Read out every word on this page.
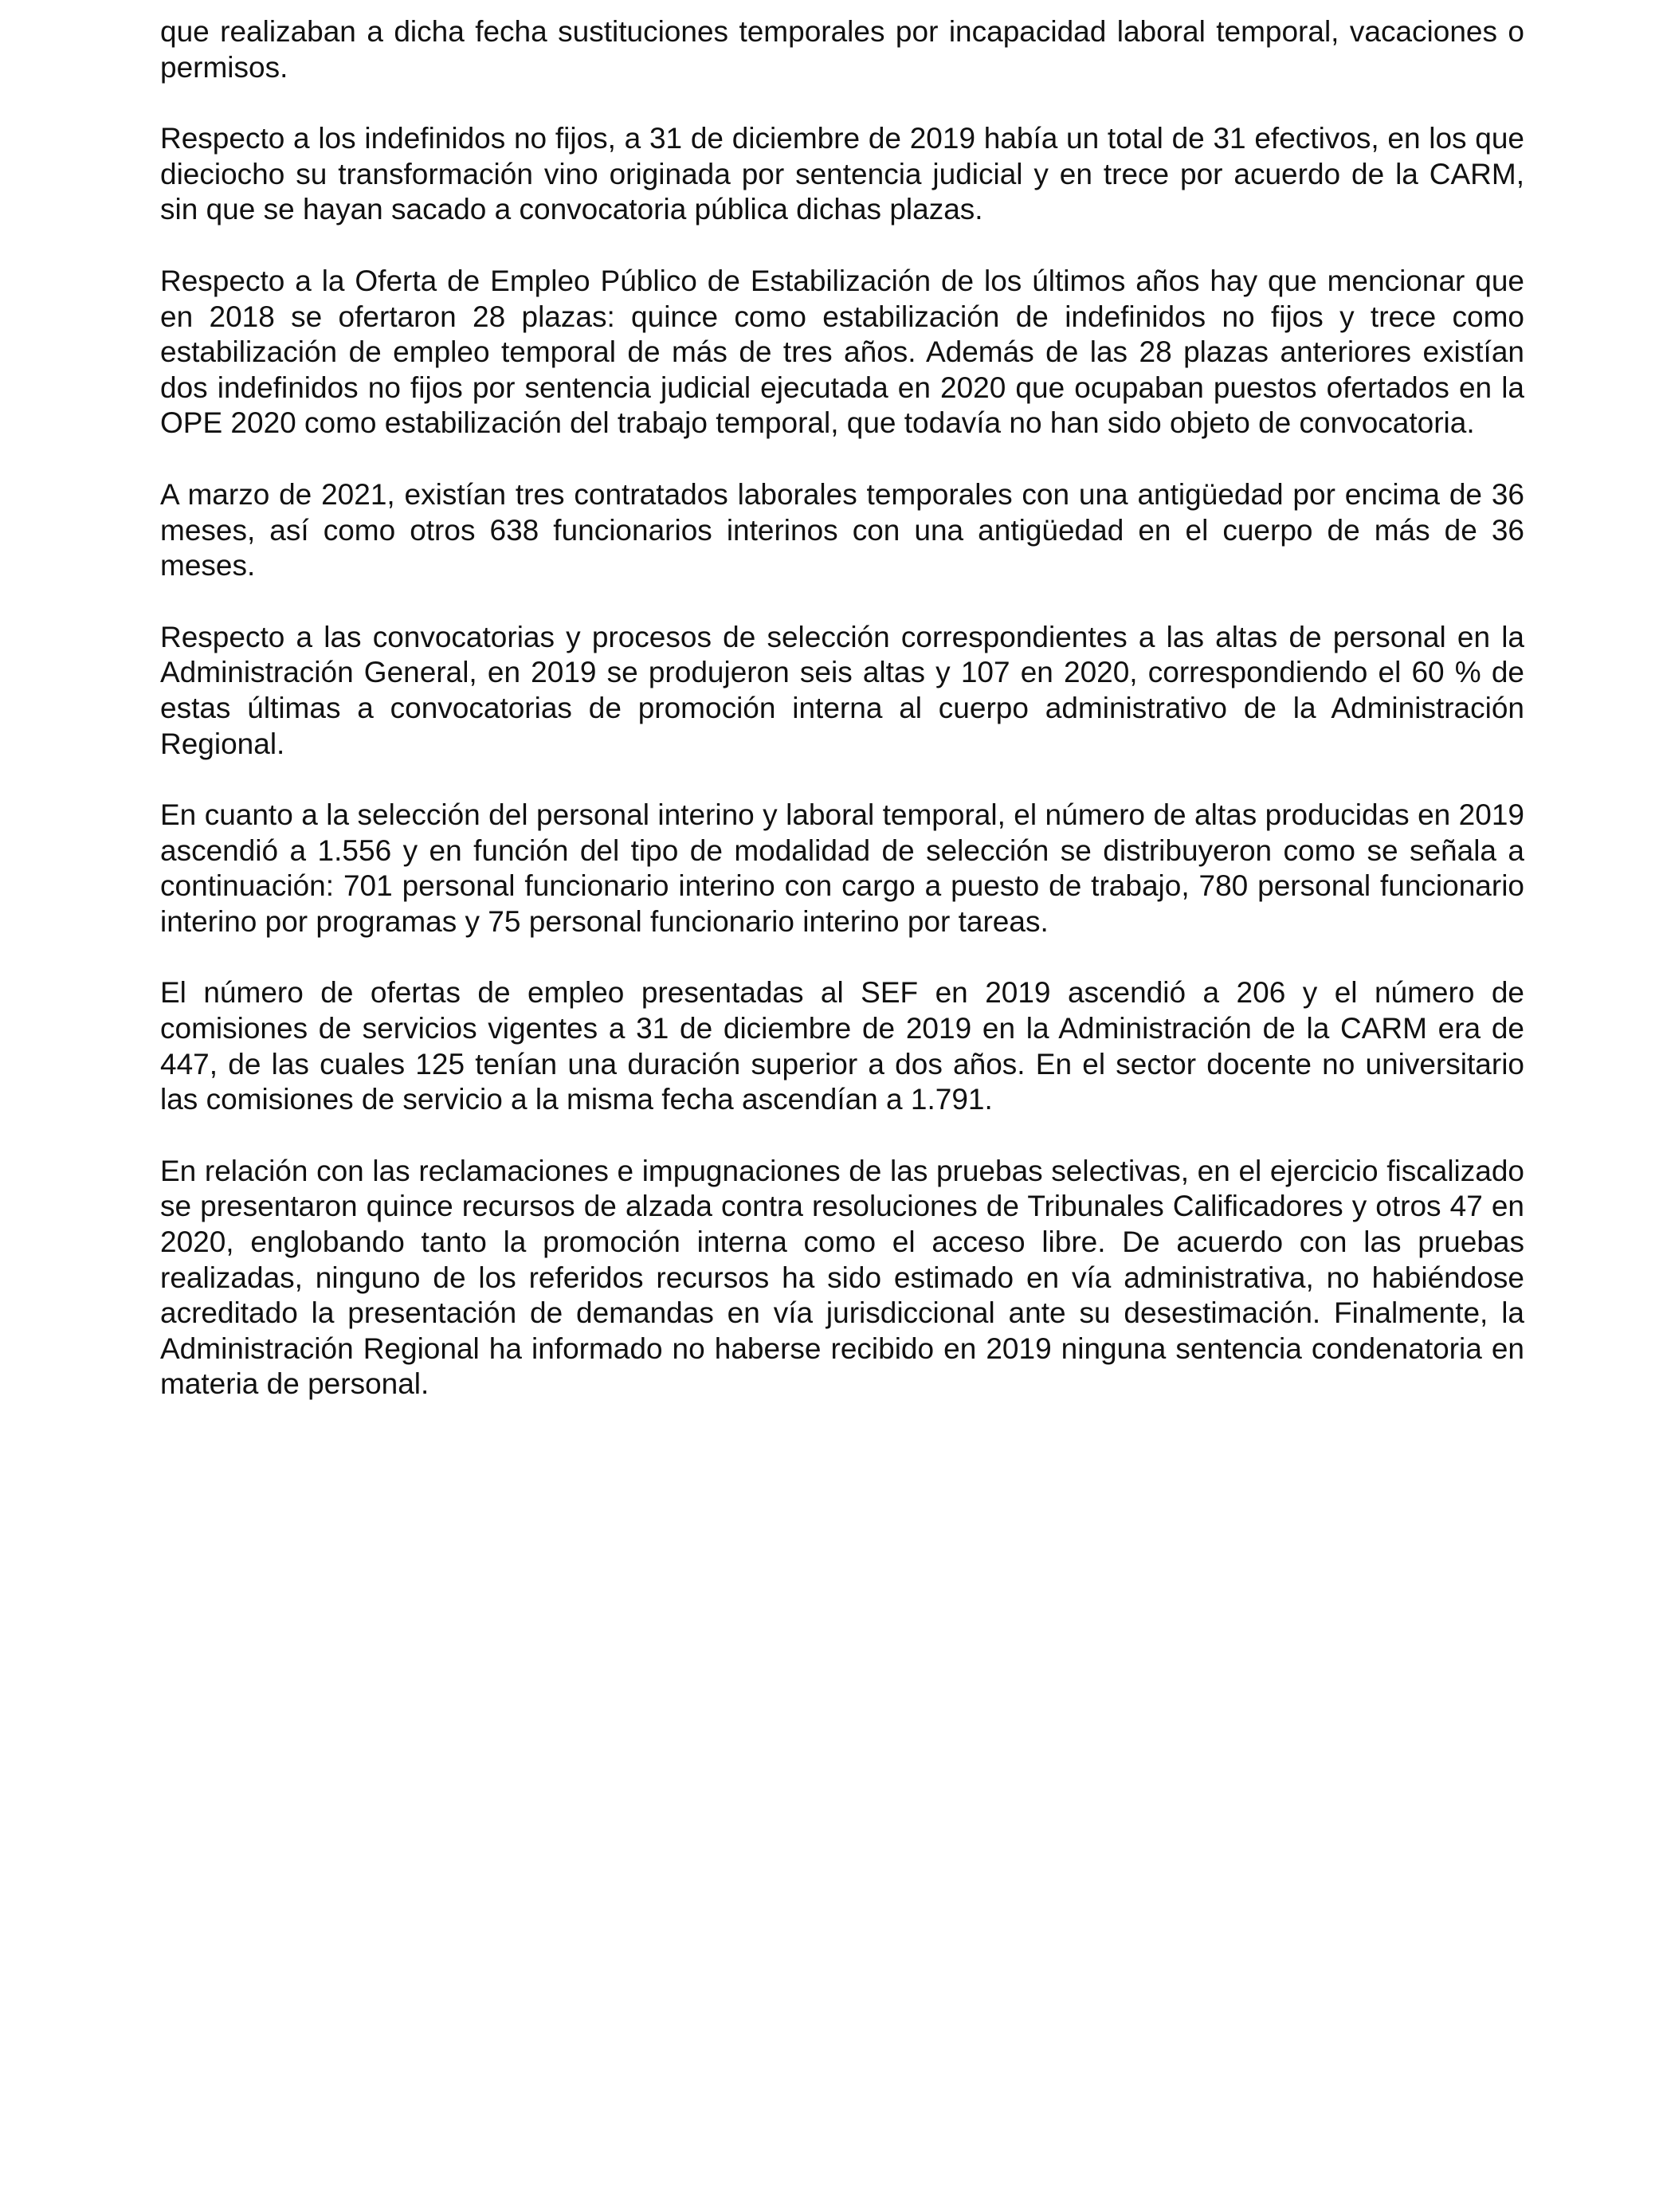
que realizaban a dicha fecha sustituciones temporales por incapacidad laboral temporal, vacaciones o permisos.

Respecto a los indefinidos no fijos, a 31 de diciembre de 2019 había un total de 31 efectivos, en los que dieciocho su transformación vino originada por sentencia judicial y en trece por acuerdo de la CARM, sin que se hayan sacado a convocatoria pública dichas plazas.

Respecto a la Oferta de Empleo Público de Estabilización de los últimos años hay que mencionar que en 2018 se ofertaron 28 plazas: quince como estabilización de indefinidos no fijos y trece como estabilización de empleo temporal de más de tres años. Además de las 28 plazas anteriores existían dos indefinidos no fijos por sentencia judicial ejecutada en 2020 que ocupaban puestos ofertados en la OPE 2020 como estabilización del trabajo temporal, que todavía no han sido objeto de convocatoria.

A marzo de 2021, existían tres contratados laborales temporales con una antigüedad por encima de 36 meses, así como otros 638 funcionarios interinos con una antigüedad en el cuerpo de más de 36 meses.

Respecto a las convocatorias y procesos de selección correspondientes a las altas de personal en la Administración General, en 2019 se produjeron seis altas y 107 en 2020, correspondiendo el 60 % de estas últimas a convocatorias de promoción interna al cuerpo administrativo de la Administración Regional.

En cuanto a la selección del personal interino y laboral temporal, el número de altas producidas en 2019 ascendió a 1.556 y en función del tipo de modalidad de selección se distribuyeron como se señala a continuación: 701 personal funcionario interino con cargo a puesto de trabajo, 780 personal funcionario interino por programas y 75 personal funcionario interino por tareas.

El número de ofertas de empleo presentadas al SEF en 2019 ascendió a 206 y el número de comisiones de servicios vigentes a 31 de diciembre de 2019 en la Administración de la CARM era de 447, de las cuales 125 tenían una duración superior a dos años. En el sector docente no universitario las comisiones de servicio a la misma fecha ascendían a 1.791.

En relación con las reclamaciones e impugnaciones de las pruebas selectivas, en el ejercicio fiscalizado se presentaron quince recursos de alzada contra resoluciones de Tribunales Calificadores y otros 47 en 2020, englobando tanto la promoción interna como el acceso libre. De acuerdo con las pruebas realizadas, ninguno de los referidos recursos ha sido estimado en vía administrativa, no habiéndose acreditado la presentación de demandas en vía jurisdiccional ante su desestimación. Finalmente, la Administración Regional ha informado no haberse recibido en 2019 ninguna sentencia condenatoria en materia de personal.
